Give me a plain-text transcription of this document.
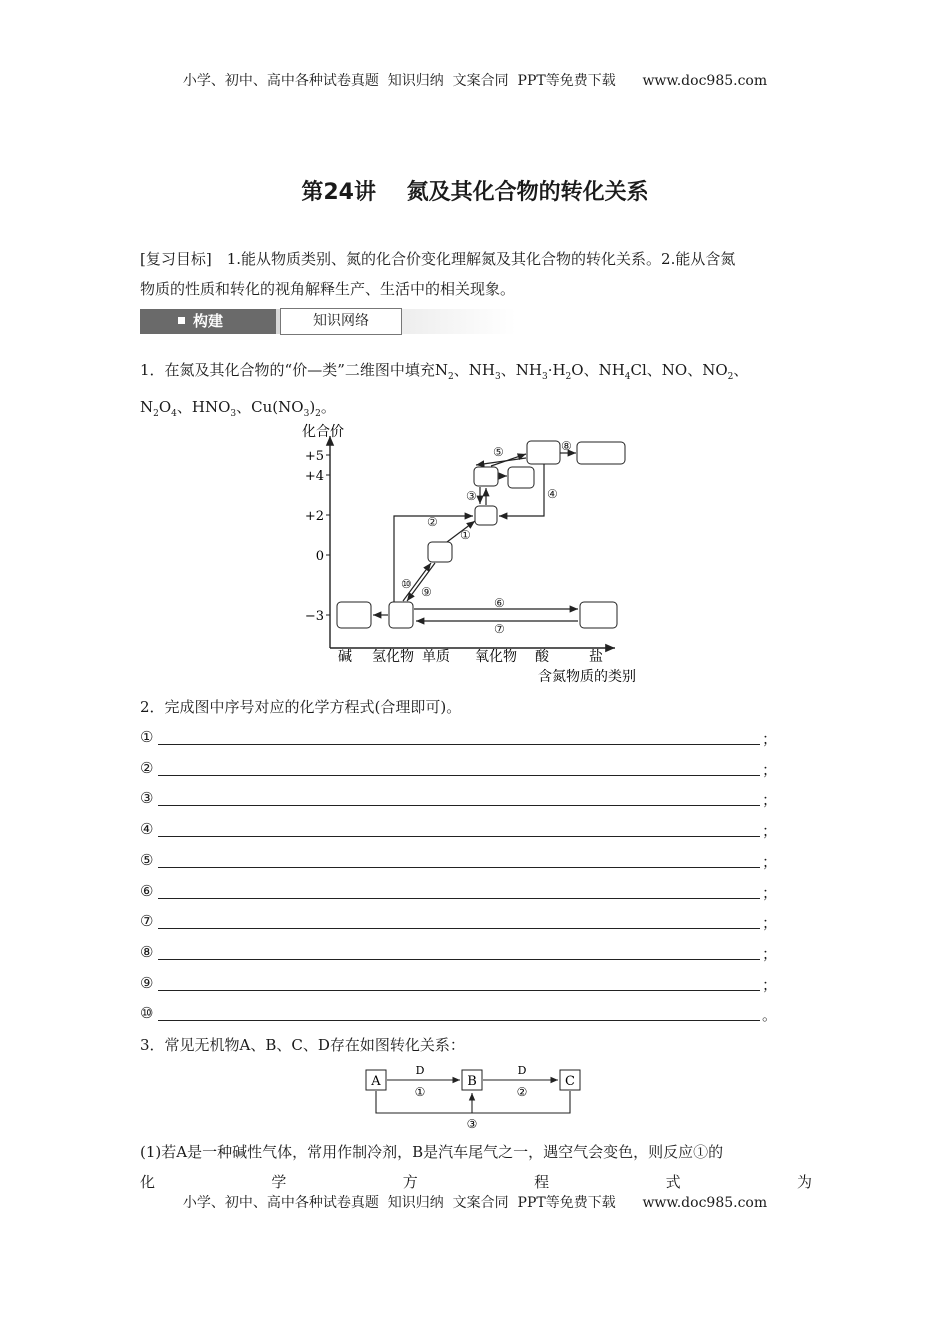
小学、初中、高中各种试卷真题  知识归纳  文案合同  PPT等免费下载      www.doc985.com
第24讲    氮及其化合物的转化关系
[复习目标]　1.能从物质类别、氮的化合价变化理解氮及其化合物的转化关系。2.能从含氮
物质的性质和转化的视角解释生产、生活中的相关现象。
构建	知识网络
1．在氮及其化合物的“价—类”二维图中填充$N_2$、$NH_3$、$NH_3\cdot H_2O$、$NH_4Cl$、NO、$NO_2$、
$N_2O_4$、$HNO_3$、$Cu(NO_3)_2$。
化合价
+5
+4
+2
0
−3
碱 氢化物 单质 氧化物 酸	盐
含氮物质的类别
①
②
③	④
⑤
⑥
⑦
⑧
⑨
⑩
2．完成图中序号对应的化学方程式(合理即可)。
①	；
②	；
③	；
④	；
⑤	；
⑥	；
⑦	；
⑧	；
⑨	；
⑩	。
3．常见无机物A、B、C、D存在如图转化关系：
A	B	C
D	D
①	②
③
(1)若A是一种碱性气体，常用作制冷剂，B是汽车尾气之一，遇空气会变色，则反应①的
化	学	方	程	式	为
小学、初中、高中各种试卷真题  知识归纳  文案合同  PPT等免费下载      www.doc985.com
